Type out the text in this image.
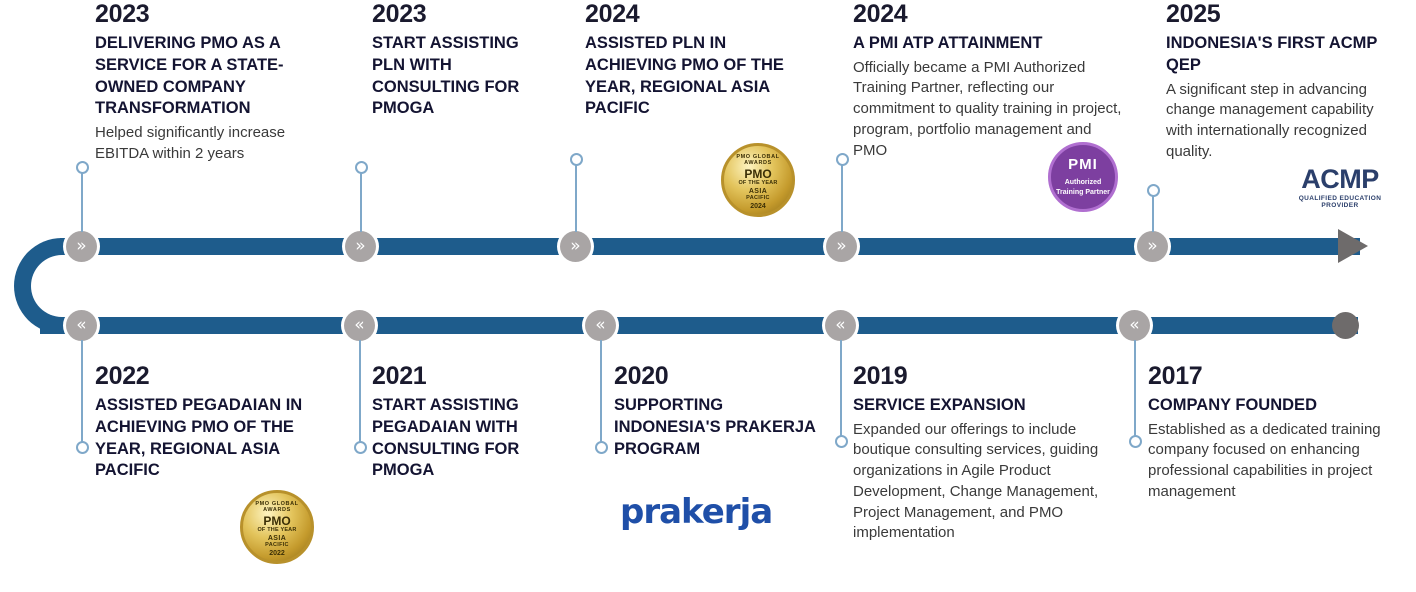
»	»	»	»	»
2023
DELIVERING PMO AS A SERVICE FOR A STATE-OWNED COMPANY TRANSFORMATION
Helped significantly increase EBITDA within 2 years
2023
START ASSISTING PLN WITH CONSULTING FOR PMOGA
2024
ASSISTED PLN IN ACHIEVING PMO OF THE YEAR, REGIONAL ASIA PACIFIC
2024
A PMI ATP ATTAINMENT
Officially became a PMI Authorized Training Partner, reflecting our commitment to quality training in project, program, portfolio management and PMO
2025
INDONESIA'S FIRST ACMP QEP
A significant step in advancing change management capability with internationally recognized quality.
PMO GLOBAL AWARDS
PMO
OF THE YEAR
ASIA
PACIFIC
2024
PMI
Authorized
Training Partner	ACMP
QUALIFIED EDUCATION
PROVIDER
«	«	«	«	«
2022
ASSISTED PEGADAIAN IN ACHIEVING PMO OF THE YEAR, REGIONAL ASIA PACIFIC
2021
START ASSISTING PEGADAIAN WITH CONSULTING FOR PMOGA
2020
SUPPORTING INDONESIA'S PRAKERJA PROGRAM
2019
SERVICE EXPANSION
Expanded our offerings to include boutique consulting services, guiding organizations in Agile Product Development, Change Management, Project Management, and PMO implementation
2017
COMPANY FOUNDED
Established as a dedicated training company focused on enhancing professional capabilities in project management
PMO GLOBAL AWARDS
PMO
OF THE YEAR
ASIA
PACIFIC
2022
prakerja
